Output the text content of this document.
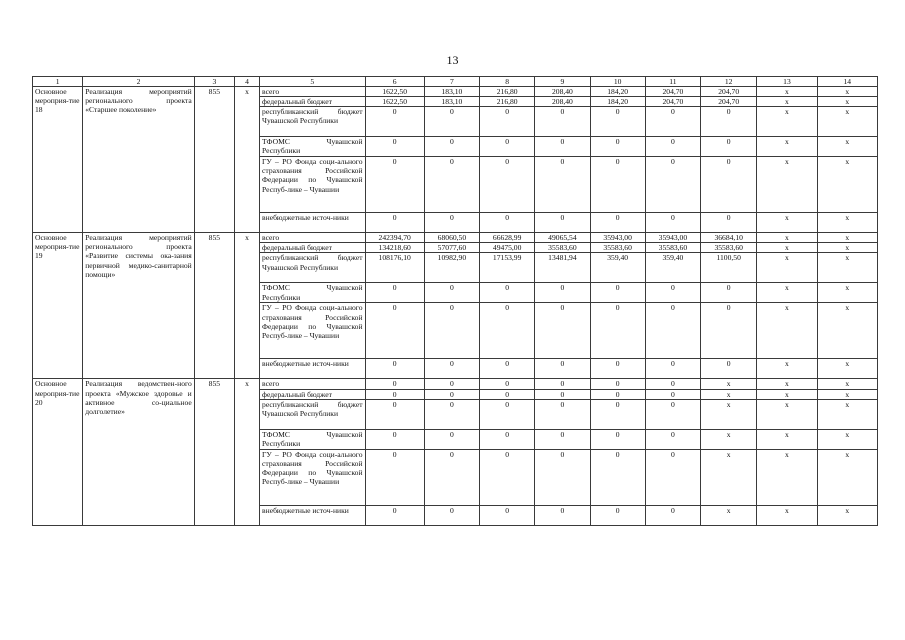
13
1	2	3	4	5	6	7	8	9	10	11	12	13	14
Основное мероприя-тие 18	Реализация мероприятий регионального проекта «Старшее поколение»	855	x	всего	1622,50	183,10	216,80	208,40	184,20	204,70	204,70	x	x
				федеральный бюджет	1622,50	183,10	216,80	208,40	184,20	204,70	204,70	x	x
				республиканский бюджет Чувашской Республики	0	0	0	0	0	0	0	x	x
				ТФОМС Чувашской Республики	0	0	0	0	0	0	0	x	x
				ГУ – РО Фонда соци-ального страхования Российской Федерации по Чувашской Респуб-лике – Чувашии	0	0	0	0	0	0	0	x	x
				внебюджетные источ-ники	0	0	0	0	0	0	0	x	x
Основное мероприя-тие 19	Реализация мероприятий регионального проекта «Развитие системы ока-зания первичной медико-санитарной помощи»	855	x	всего	242394,70	68060,50	66628,99	49065,54	35943,00	35943,00	36684,10	x	x
				федеральный бюджет	134218,60	57077,60	49475,00	35583,60	35583,60	35583,60	35583,60	x	x
				республиканский бюджет Чувашской Республики	108176,10	10982,90	17153,99	13481,94	359,40	359,40	1100,50	x	x
				ТФОМС Чувашской Республики	0	0	0	0	0	0	0	x	x
				ГУ – РО Фонда соци-ального страхования Российской Федерации по Чувашской Респуб-лике – Чувашии	0	0	0	0	0	0	0	x	x
				внебюджетные источ-ники	0	0	0	0	0	0	0	x	x
Основное мероприя-тие 20	Реализация ведомствен-ного проекта «Мужское здоровье и активное со-циальное долголетие»	855	x	всего	0	0	0	0	0	0	x	x	x
				федеральный бюджет	0	0	0	0	0	0	x	x	x
				республиканский бюджет Чувашской Республики	0	0	0	0	0	0	x	x	x
				ТФОМС Чувашской Республики	0	0	0	0	0	0	x	x	x
				ГУ – РО Фонда соци-ального страхования Российской Федерации по Чувашской Респуб-лике – Чувашии	0	0	0	0	0	0	x	x	x
				внебюджетные источ-ники	0	0	0	0	0	0	x	x	x
